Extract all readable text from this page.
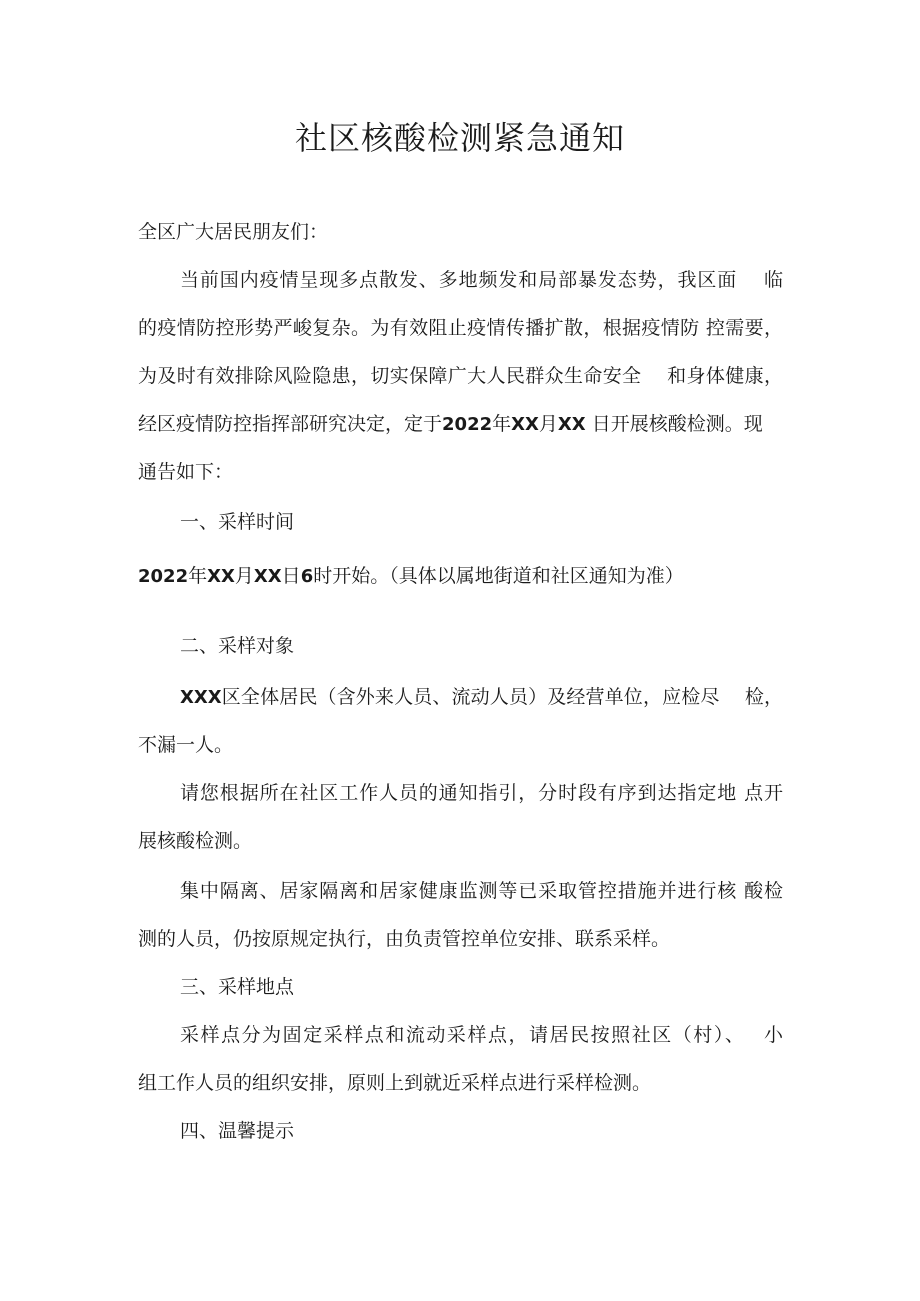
社区核酸检测紧急通知
全区广大居民朋友们：
当前国内疫情呈现多点散发、多地频发和局部暴发态势，我区面　 临
的疫情防控形势严峻复杂。为有效阻止疫情传播扩散，根据疫情防 控需要，
为及时有效排除风险隐患，切实保障广大人民群众生命安全　 和身体健康，
经区疫情防控指挥部研究决定，定于2022年XX月XX 日开展核酸检测。现
通告如下：
一、采样时间
2022年XX月XX日6时开始。（具体以属地街道和社区通知为准）
二、采样对象
XXX区全体居民（含外来人员、流动人员）及经营单位，应检尽　 检，
不漏一人。
请您根据所在社区工作人员的通知指引，分时段有序到达指定地 点开
展核酸检测。
集中隔离、居家隔离和居家健康监测等已采取管控措施并进行核 酸检
测的人员，仍按原规定执行，由负责管控单位安排、联系采样。
三、采样地点
采样点分为固定采样点和流动采样点，请居民按照社区（村）、　 小
组工作人员的组织安排，原则上到就近采样点进行采样检测。
四、温馨提示
